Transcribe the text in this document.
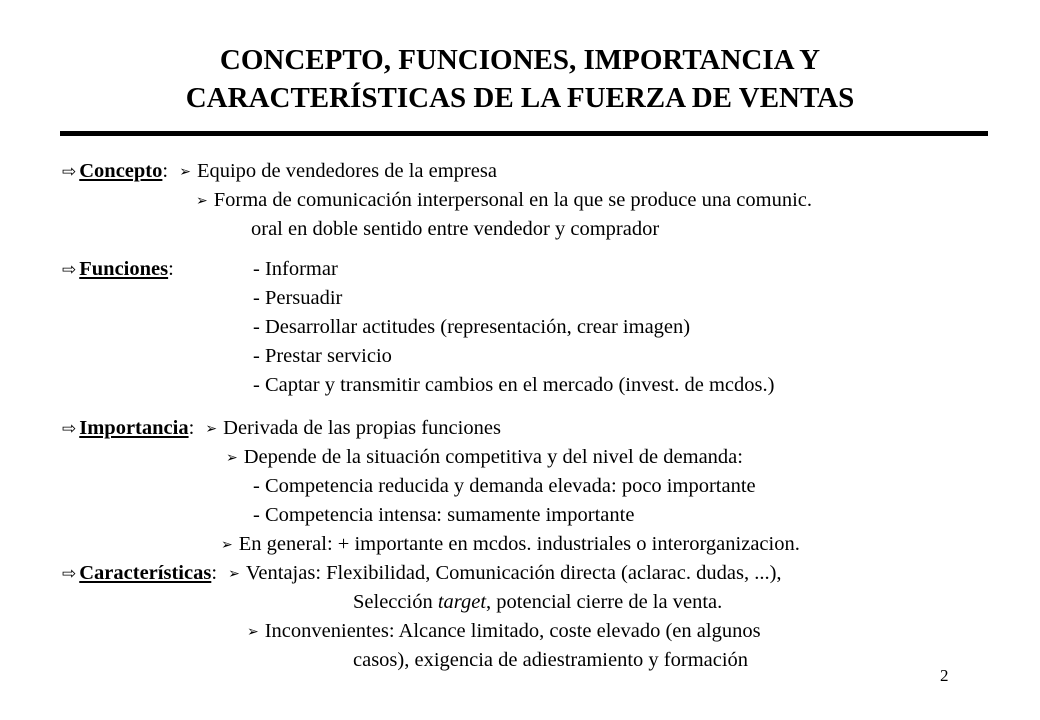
CONCEPTO, FUNCIONES, IMPORTANCIA Y
CARACTERÍSTICAS DE LA FUERZA DE VENTAS
⇨ Concepto: ➢ Equipo de vendedores de la empresa
➢ Forma de comunicación interpersonal en la que se produce una comunic.
oral en doble sentido entre vendedor y comprador
⇨ Funciones:	- Informar
- Persuadir
- Desarrollar actitudes (representación, crear imagen)
- Prestar servicio
- Captar y transmitir cambios en el mercado (invest. de mcdos.)
⇨ Importancia: ➢ Derivada de las propias funciones
➢ Depende de la situación competitiva y del nivel de demanda:
- Competencia reducida y demanda elevada: poco importante
- Competencia intensa: sumamente importante
➢ En general: + importante en mcdos. industriales o interorganizacion.
⇨ Características: ➢ Ventajas: Flexibilidad, Comunicación directa (aclarac. dudas, ...),
Selección target, potencial cierre de la venta.
➢ Inconvenientes: Alcance limitado, coste elevado (en algunos
casos), exigencia de adiestramiento y formación
2
